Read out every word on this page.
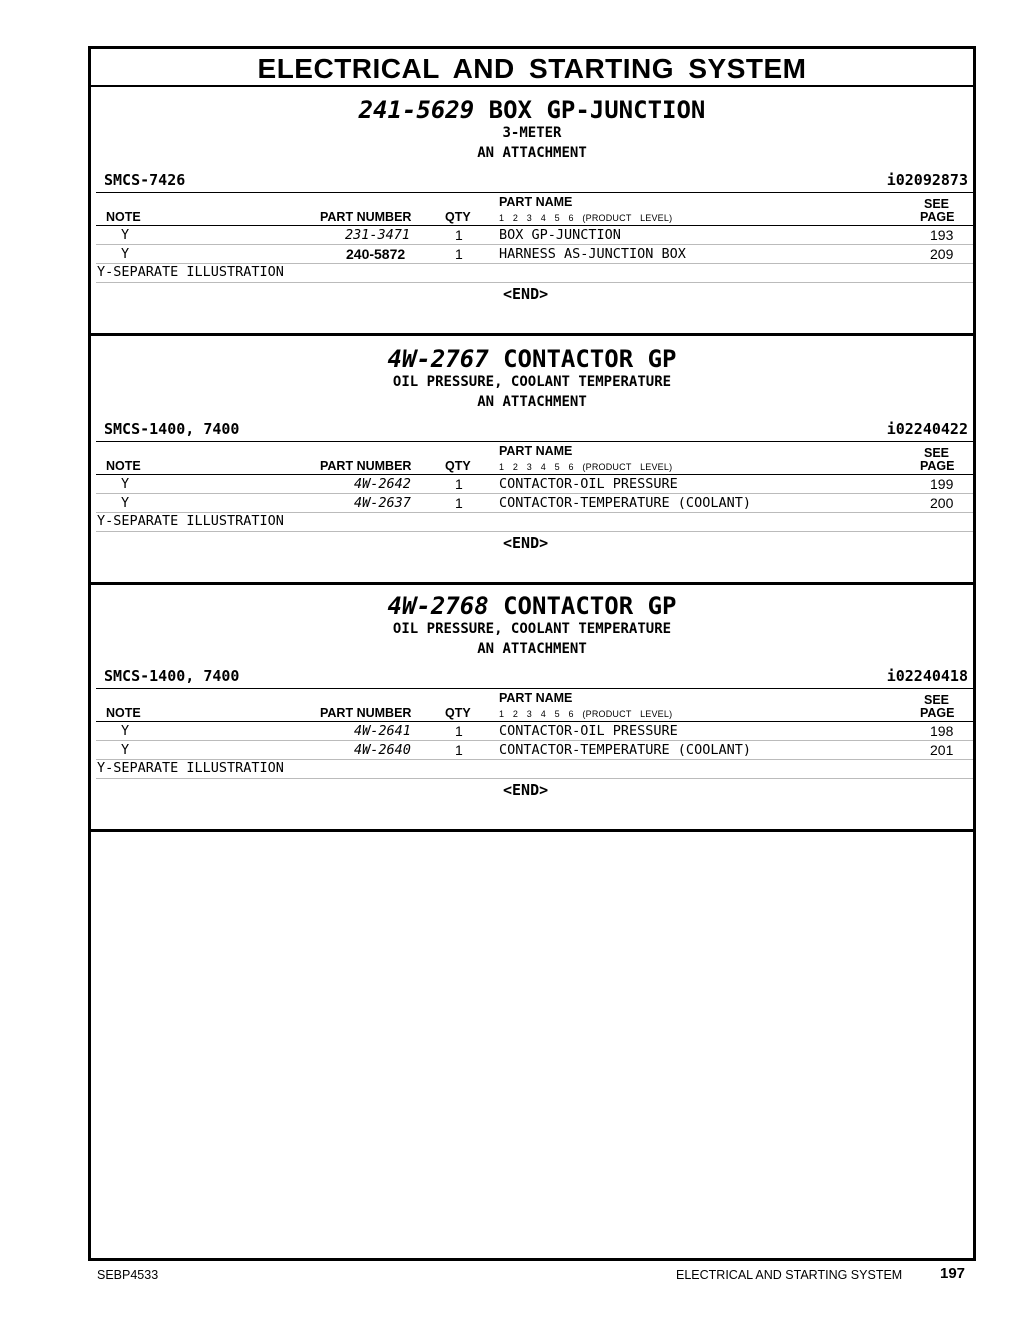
ELECTRICAL AND STARTING SYSTEM
241-5629 BOX GP-JUNCTION
3-METER
AN ATTACHMENT
SMCS-7426	i02092873
PART NAME	SEE
NOTE	PART NUMBER	QTY	1 2 3 4 5 6 (PRODUCT LEVEL)	PAGE
Y	231-3471	1	BOX GP-JUNCTION	193
Y	240-5872	1	HARNESS AS-JUNCTION BOX	209
Y-SEPARATE ILLUSTRATION
<END>
4W-2767 CONTACTOR GP
OIL PRESSURE, COOLANT TEMPERATURE
AN ATTACHMENT
SMCS-1400, 7400	i02240422
PART NAME	SEE
NOTE	PART NUMBER	QTY	1 2 3 4 5 6 (PRODUCT LEVEL)	PAGE
Y	4W-2642	1	CONTACTOR-OIL PRESSURE	199
Y	4W-2637	1	CONTACTOR-TEMPERATURE (COOLANT)	200
Y-SEPARATE ILLUSTRATION
<END>
4W-2768 CONTACTOR GP
OIL PRESSURE, COOLANT TEMPERATURE
AN ATTACHMENT
SMCS-1400, 7400	i02240418
PART NAME	SEE
NOTE	PART NUMBER	QTY	1 2 3 4 5 6 (PRODUCT LEVEL)	PAGE
Y	4W-2641	1	CONTACTOR-OIL PRESSURE	198
Y	4W-2640	1	CONTACTOR-TEMPERATURE (COOLANT)	201
Y-SEPARATE ILLUSTRATION
<END>
SEBP4533	ELECTRICAL AND STARTING SYSTEM	197
